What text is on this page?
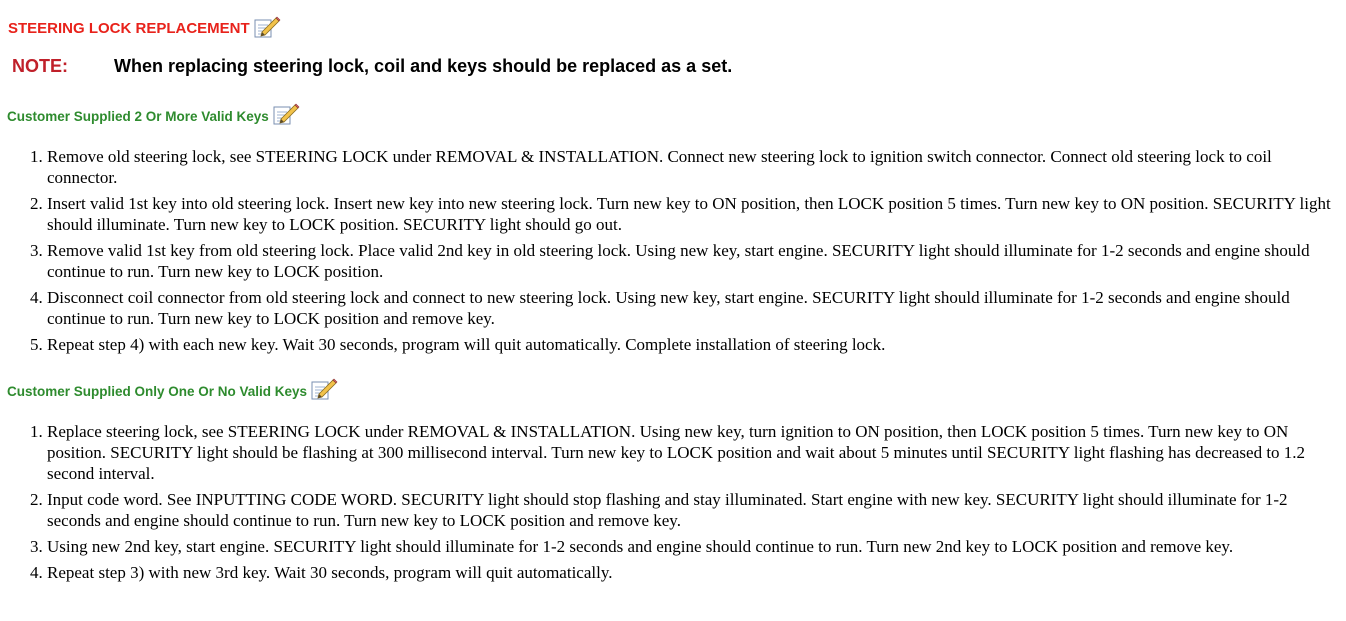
STEERING LOCK REPLACEMENT
NOTE:	When replacing steering lock, coil and keys should be replaced as a set.
Customer Supplied 2 Or More Valid Keys
1. Remove old steering lock, see STEERING LOCK under REMOVAL & INSTALLATION. Connect new steering lock to ignition switch connector. Connect old steering lock to coil connector.
2. Insert valid 1st key into old steering lock. Insert new key into new steering lock. Turn new key to ON position, then LOCK position 5 times. Turn new key to ON position. SECURITY light should illuminate. Turn new key to LOCK position. SECURITY light should go out.
3. Remove valid 1st key from old steering lock. Place valid 2nd key in old steering lock. Using new key, start engine. SECURITY light should illuminate for 1-2 seconds and engine should continue to run. Turn new key to LOCK position.
4. Disconnect coil connector from old steering lock and connect to new steering lock. Using new key, start engine. SECURITY light should illuminate for 1-2 seconds and engine should continue to run. Turn new key to LOCK position and remove key.
5. Repeat step 4) with each new key. Wait 30 seconds, program will quit automatically. Complete installation of steering lock.
Customer Supplied Only One Or No Valid Keys
1. Replace steering lock, see STEERING LOCK under REMOVAL & INSTALLATION. Using new key, turn ignition to ON position, then LOCK position 5 times. Turn new key to ON position. SECURITY light should be flashing at 300 millisecond interval. Turn new key to LOCK position and wait about 5 minutes until SECURITY light flashing has decreased to 1.2 second interval.
2. Input code word. See INPUTTING CODE WORD. SECURITY light should stop flashing and stay illuminated. Start engine with new key. SECURITY light should illuminate for 1-2 seconds and engine should continue to run. Turn new key to LOCK position and remove key.
3. Using new 2nd key, start engine. SECURITY light should illuminate for 1-2 seconds and engine should continue to run. Turn new 2nd key to LOCK position and remove key.
4. Repeat step 3) with new 3rd key. Wait 30 seconds, program will quit automatically.
